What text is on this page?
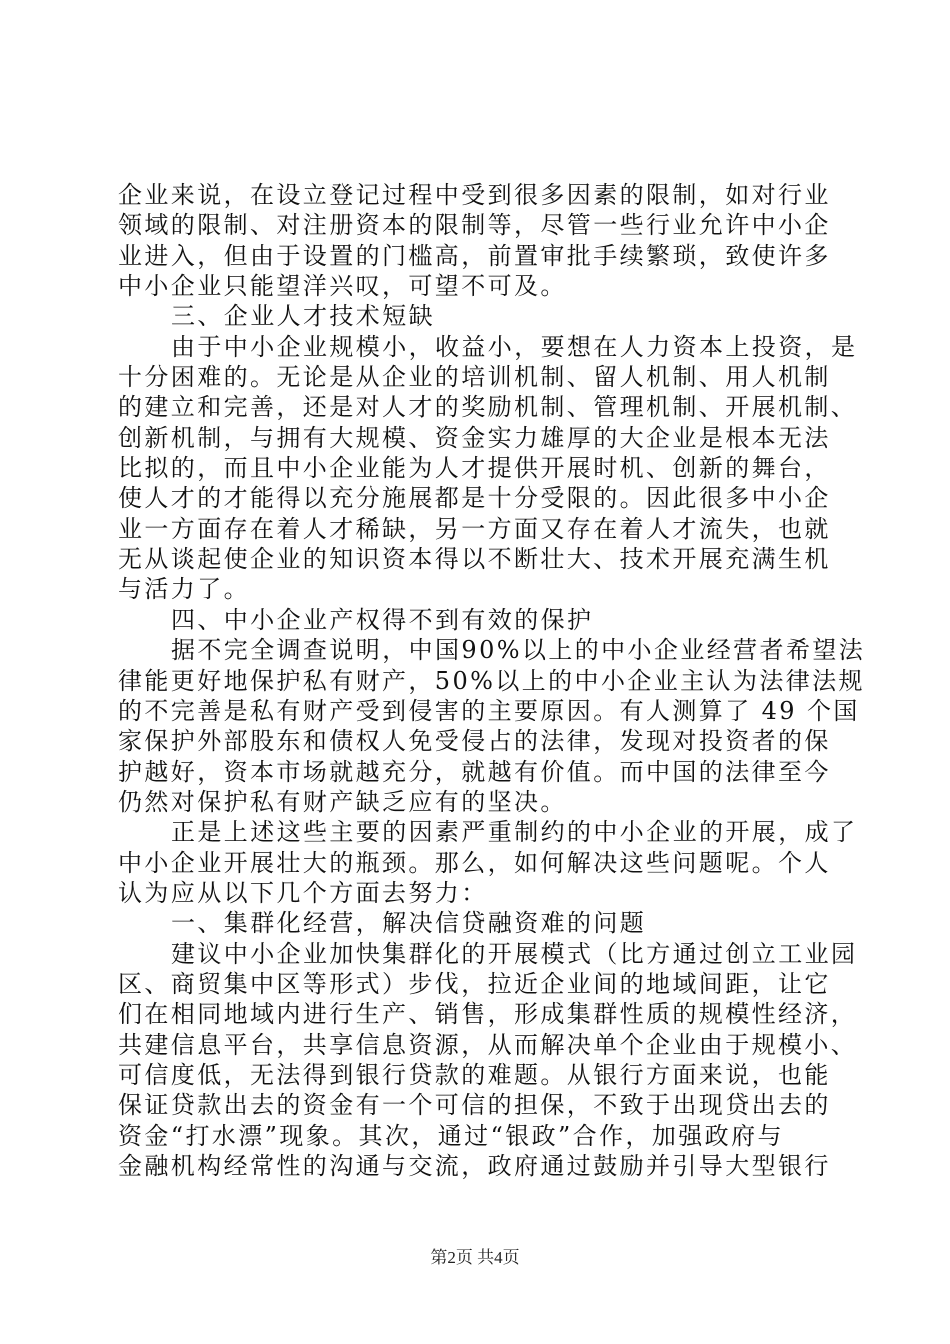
企业来说，在设立登记过程中受到很多因素的限制，如对行业
领域的限制、对注册资本的限制等，尽管一些行业允许中小企
业进入，但由于设置的门槛高，前置审批手续繁琐，致使许多
中小企业只能望洋兴叹，可望不可及。
三、企业人才技术短缺
由于中小企业规模小，收益小，要想在人力资本上投资，是
十分困难的。无论是从企业的培训机制、留人机制、用人机制
的建立和完善，还是对人才的奖励机制、管理机制、开展机制、
创新机制，与拥有大规模、资金实力雄厚的大企业是根本无法
比拟的，而且中小企业能为人才提供开展时机、创新的舞台，
使人才的才能得以充分施展都是十分受限的。因此很多中小企
业一方面存在着人才稀缺，另一方面又存在着人才流失，也就
无从谈起使企业的知识资本得以不断壮大、技术开展充满生机
与活力了。
四、中小企业产权得不到有效的保护
据不完全调查说明，中国90%以上的中小企业经营者希望法
律能更好地保护私有财产，50%以上的中小企业主认为法律法规
的不完善是私有财产受到侵害的主要原因。有人测算了 49 个国
家保护外部股东和债权人免受侵占的法律，发现对投资者的保
护越好，资本市场就越充分，就越有价值。而中国的法律至今
仍然对保护私有财产缺乏应有的坚决。
正是上述这些主要的因素严重制约的中小企业的开展，成了
中小企业开展壮大的瓶颈。那么，如何解决这些问题呢。个人
认为应从以下几个方面去努力：
一、集群化经营，解决信贷融资难的问题
建议中小企业加快集群化的开展模式（比方通过创立工业园
区、商贸集中区等形式）步伐，拉近企业间的地域间距，让它
们在相同地域内进行生产、销售，形成集群性质的规模性经济，
共建信息平台，共享信息资源，从而解决单个企业由于规模小、
可信度低，无法得到银行贷款的难题。从银行方面来说，也能
保证贷款出去的资金有一个可信的担保，不致于出现贷出去的
资金“打水漂”现象。其次，通过“银政”合作，加强政府与
金融机构经常性的沟通与交流，政府通过鼓励并引导大型银行
第2页 共4页
